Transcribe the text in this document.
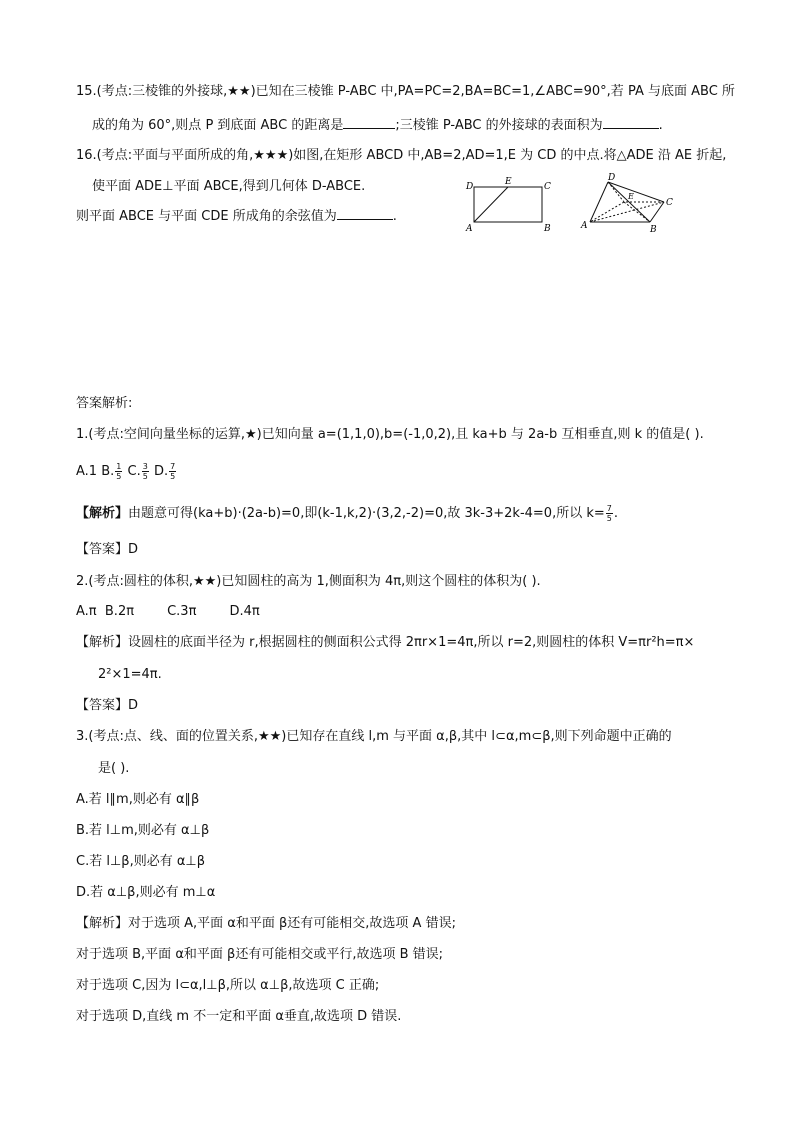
15.(考点:三棱锥的外接球,★★)已知在三棱锥 P-ABC 中,PA=PC=2,BA=BC=1,∠ABC=90°,若 PA 与底面 ABC 所
成的角为 60°,则点 P 到底面 ABC 的距离是	;三棱锥 P-ABC 的外接球的表面积为	.
16.(考点:平面与平面所成的角,★★★)如图,在矩形 ABCD 中,AB=2,AD=1,E 为 CD 的中点.将△ADE 沿 AE 折起,
使平面 ADE⊥平面 ABCE,得到几何体 D-ABCE.
则平面 ABCE 与平面 CDE 所成角的余弦值为	.
D	E	C
A	B
D
E
C
A	B
答案解析:
1.(考点:空间向量坐标的运算,★)已知向量 a=(1,1,0),b=(-1,0,2),且 ka+b 与 2a-b 互相垂直,则 k 的值是( ).
A.1 B. $\frac{1}{5} C$. $\frac{3}{5} D$. $\frac{7}{5}$
【解析】由题意可得(ka+b)·(2a-b)=0,即(k-1,k,2)·(3,2,-2)=0,故 3k-3+2k-4=0,所以 $k= \frac{7}{5}$ .
【答案】D
2.(考点:圆柱的体积,★★)已知圆柱的高为 1,侧面积为 4π,则这个圆柱的体积为( ).
A.π  B.2π        C.3π        D.4π
【解析】设圆柱的底面半径为 r,根据圆柱的侧面积公式得 2πr×1=4π,所以 r=2,则圆柱的体积 V=πr²h=π×
2²×1=4π.
【答案】D
3.(考点:点、线、面的位置关系,★★)已知存在直线 l,m 与平面 α,β,其中 l⊂α,m⊂β,则下列命题中正确的
是( ).
A.若 l∥m,则必有 α∥β
B.若 l⊥m,则必有 α⊥β
C.若 l⊥β,则必有 α⊥β
D.若 α⊥β,则必有 m⊥α
【解析】对于选项 A,平面 α和平面 β还有可能相交,故选项 A 错误;
对于选项 B,平面 α和平面 β还有可能相交或平行,故选项 B 错误;
对于选项 C,因为 l⊂α,l⊥β,所以 α⊥β,故选项 C 正确;
对于选项 D,直线 m 不一定和平面 α垂直,故选项 D 错误.
